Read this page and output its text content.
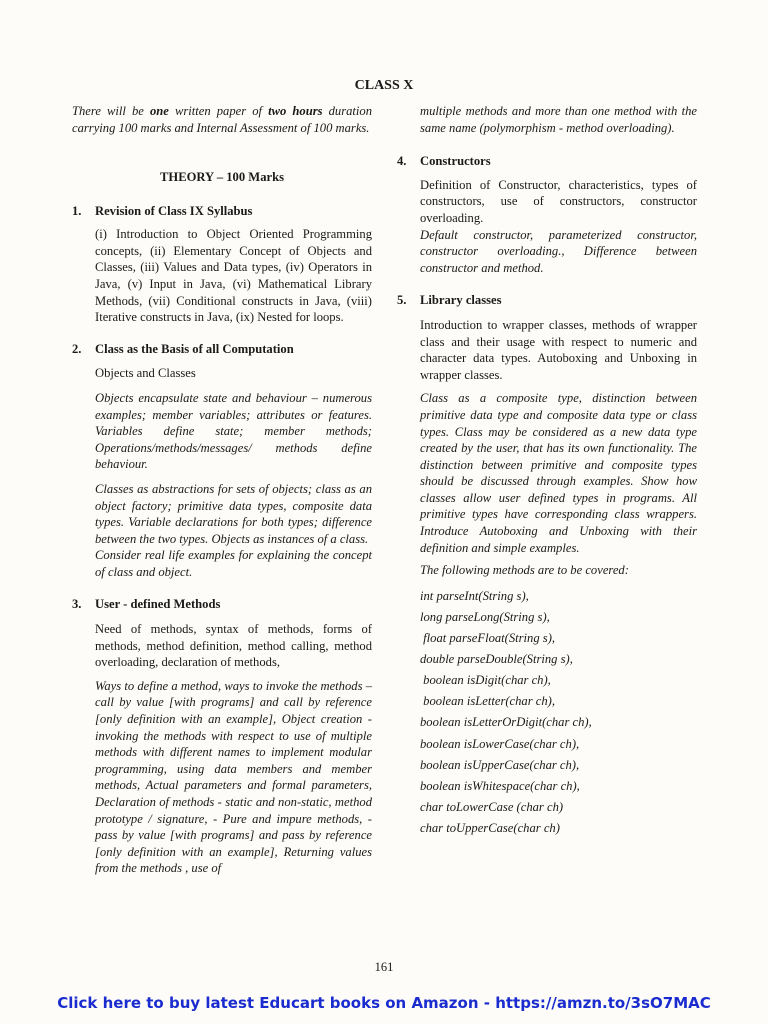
CLASS X

There will be one written paper of two hours duration carrying 100 marks and Internal Assessment of 100 marks.

THEORY – 100 Marks

1.	Revision of Class IX Syllabus

(i) Introduction to Object Oriented Programming concepts, (ii) Elementary Concept of Objects and Classes, (iii) Values and Data types, (iv) Operators in Java, (v) Input in Java, (vi) Mathematical Library Methods, (vii) Conditional constructs in Java, (viii) Iterative constructs in Java, (ix) Nested for loops.

2.	Class as the Basis of all Computation

Objects and Classes

Objects encapsulate state and behaviour – numerous examples; member variables; attributes or features. Variables define state; member methods; Operations/methods/messages/ methods define behaviour.

Classes as abstractions for sets of objects; class as an object factory; primitive data types, composite data types. Variable declarations for both types; difference between the two types. Objects as instances of a class.

Consider real life examples for explaining the concept of class and object.

3.	User - defined Methods

Need of methods, syntax of methods, forms of methods, method definition, method calling, method overloading, declaration of methods,

Ways to define a method, ways to invoke the methods – call by value [with programs] and call by reference [only definition with an example], Object creation - invoking the methods with respect to use of multiple methods with different names to implement modular programming, using data members and member methods, Actual parameters and formal parameters, Declaration of methods - static and non-static, method prototype / signature, - Pure and impure methods, - pass by value [with programs] and pass by reference [only definition with an example], Returning values from the methods , use of

multiple methods and more than one method with the same name (polymorphism - method overloading).

4.	Constructors

Definition of Constructor, characteristics, types of constructors, use of constructors, constructor overloading.

Default constructor, parameterized constructor, constructor overloading., Difference between constructor and method.

5.	Library classes

Introduction to wrapper classes, methods of wrapper class and their usage with respect to numeric and character data types. Autoboxing and Unboxing in wrapper classes.

Class as a composite type, distinction between primitive data type and composite data type or class types. Class may be considered as a new data type created by the user, that has its own functionality. The distinction between primitive and composite types should be discussed through examples. Show how classes allow user defined types in programs. All primitive types have corresponding class wrappers. Introduce Autoboxing and Unboxing with their definition and simple examples.

The following methods are to be covered:

int parseInt(String s),

long parseLong(String s),

float parseFloat(String s),

double parseDouble(String s),

boolean isDigit(char ch),

boolean isLetter(char ch),

boolean isLetterOrDigit(char ch),

boolean isLowerCase(char ch),

boolean isUpperCase(char ch),

boolean isWhitespace(char ch),

char toLowerCase (char ch)

char toUpperCase(char ch)

161
Click here to buy latest Educart books on Amazon - https://amzn.to/3sO7MAC
